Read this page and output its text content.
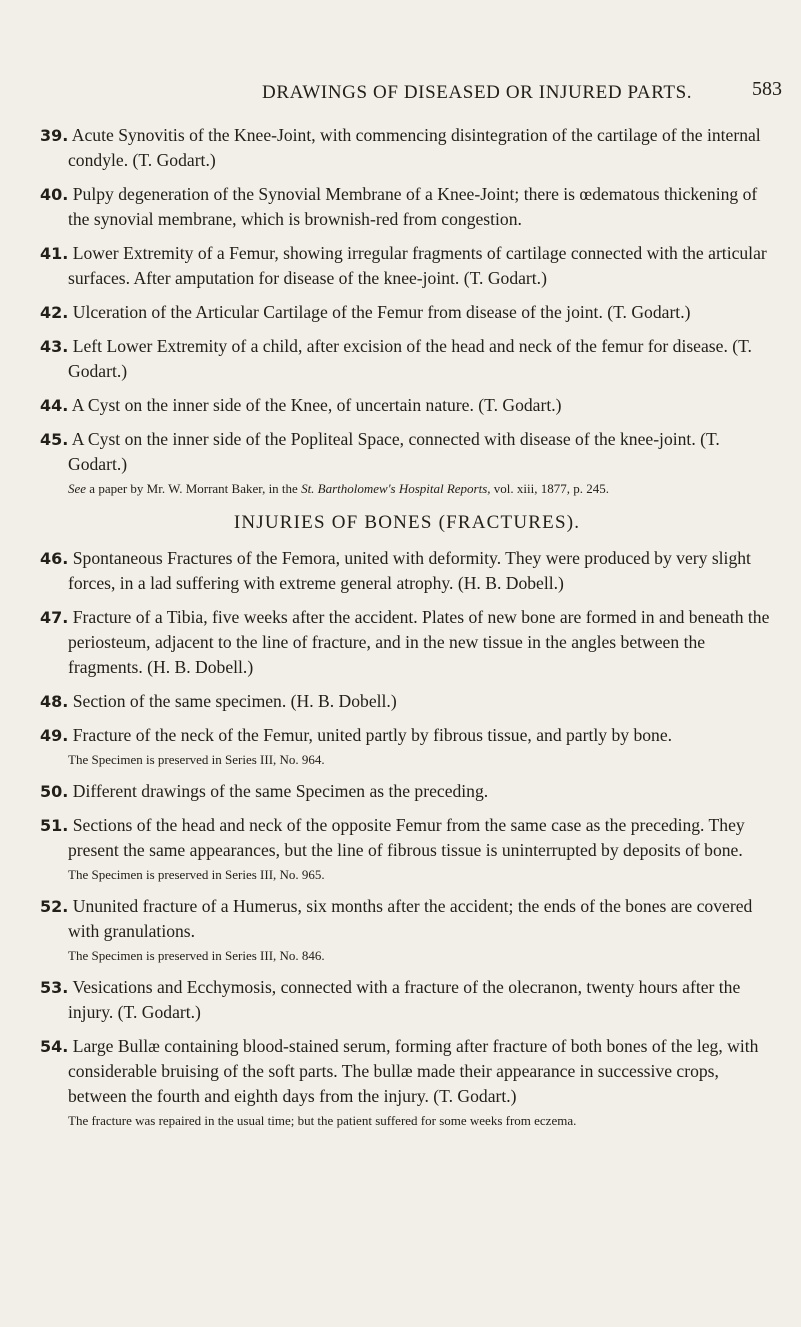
DRAWINGS OF DISEASED OR INJURED PARTS.	583

39. Acute Synovitis of the Knee-Joint, with commencing disintegration of the cartilage of the internal condyle. (T. Godart.)

40. Pulpy degeneration of the Synovial Membrane of a Knee-Joint; there is œdematous thickening of the synovial membrane, which is brownish-red from congestion.

41. Lower Extremity of a Femur, showing irregular fragments of cartilage connected with the articular surfaces. After amputation for disease of the knee-joint. (T. Godart.)

42. Ulceration of the Articular Cartilage of the Femur from disease of the joint. (T. Godart.)

43. Left Lower Extremity of a child, after excision of the head and neck of the femur for disease. (T. Godart.)

44. A Cyst on the inner side of the Knee, of uncertain nature. (T. Godart.)

45. A Cyst on the inner side of the Popliteal Space, connected with disease of the knee-joint. (T. Godart.)

See a paper by Mr. W. Morrant Baker, in the St. Bartholomew's Hospital Reports, vol. xiii, 1877, p. 245.

INJURIES OF BONES (FRACTURES).

46. Spontaneous Fractures of the Femora, united with deformity. They were produced by very slight forces, in a lad suffering with extreme general atrophy. (H. B. Dobell.)

47. Fracture of a Tibia, five weeks after the accident. Plates of new bone are formed in and beneath the periosteum, adjacent to the line of fracture, and in the new tissue in the angles between the fragments. (H. B. Dobell.)

48. Section of the same specimen. (H. B. Dobell.)

49. Fracture of the neck of the Femur, united partly by fibrous tissue, and partly by bone.

The Specimen is preserved in Series III, No. 964.

50. Different drawings of the same Specimen as the preceding.

51. Sections of the head and neck of the opposite Femur from the same case as the preceding. They present the same appearances, but the line of fibrous tissue is uninterrupted by deposits of bone.

The Specimen is preserved in Series III, No. 965.

52. Ununited fracture of a Humerus, six months after the accident; the ends of the bones are covered with granulations.

The Specimen is preserved in Series III, No. 846.

53. Vesications and Ecchymosis, connected with a fracture of the olecranon, twenty hours after the injury. (T. Godart.)

54. Large Bullæ containing blood-stained serum, forming after fracture of both bones of the leg, with considerable bruising of the soft parts. The bullæ made their appearance in successive crops, between the fourth and eighth days from the injury. (T. Godart.)

The fracture was repaired in the usual time; but the patient suffered for some weeks from eczema.
